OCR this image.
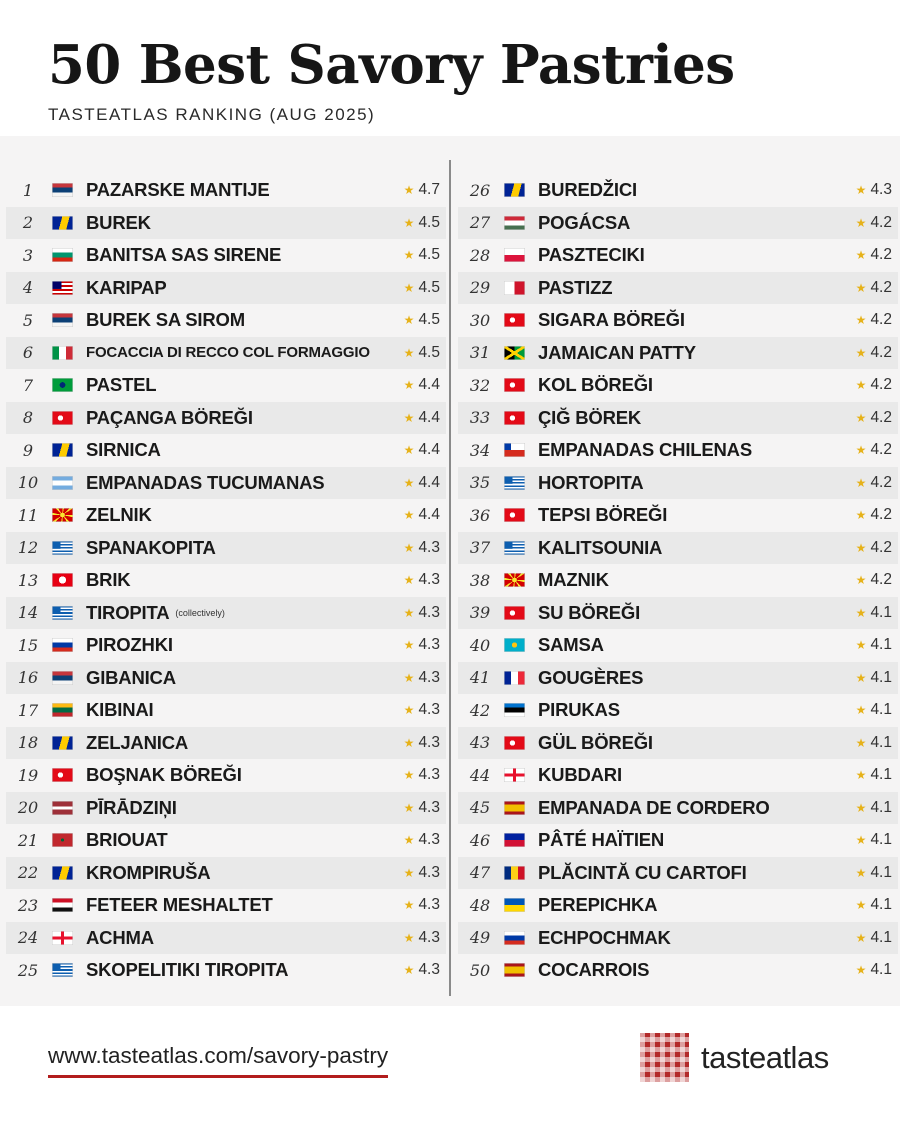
50 Best Savory Pastries
TASTEATLAS RANKING (AUG 2025)
1	PAZARSKE MANTIJE	★ 4.7
2	BUREK	★ 4.5
3	BANITSA SAS SIRENE	★ 4.5
4	KARIPAP	★ 4.5
5	BUREK SA SIROM	★ 4.5
6	FOCACCIA DI RECCO COL FORMAGGIO	★ 4.5
7	PASTEL	★ 4.4
8	PAÇANGA BÖREĞI	★ 4.4
9	SIRNICA	★ 4.4
10	EMPANADAS TUCUMANAS	★ 4.4
11	ZELNIK	★ 4.4
12	SPANAKOPITA	★ 4.3
13	BRIK	★ 4.3
14	TIROPITA (collectively)	★ 4.3
15	PIROZHKI	★ 4.3
16	GIBANICA	★ 4.3
17	KIBINAI	★ 4.3
18	ZELJANICA	★ 4.3
19	BOŞNAK BÖREĞI	★ 4.3
20	PĪRĀDZIŅI	★ 4.3
21	BRIOUAT	★ 4.3
22	KROMPIRUŠA	★ 4.3
23	FETEER MESHALTET	★ 4.3
24	ACHMA	★ 4.3
25	SKOPELITIKI TIROPITA	★ 4.3
26	BUREDŽICI	★ 4.3
27	POGÁCSA	★ 4.2
28	PASZTECIKI	★ 4.2
29	PASTIZZ	★ 4.2
30	SIGARA BÖREĞI	★ 4.2
31	JAMAICAN PATTY	★ 4.2
32	KOL BÖREĞI	★ 4.2
33	ÇIĞ BÖREK	★ 4.2
34	EMPANADAS CHILENAS	★ 4.2
35	HORTOPITA	★ 4.2
36	TEPSI BÖREĞI	★ 4.2
37	KALITSOUNIA	★ 4.2
38	MAZNIK	★ 4.2
39	SU BÖREĞI	★ 4.1
40	SAMSA	★ 4.1
41	GOUGÈRES	★ 4.1
42	PIRUKAS	★ 4.1
43	GÜL BÖREĞI	★ 4.1
44	KUBDARI	★ 4.1
45	EMPANADA DE CORDERO	★ 4.1
46	PÂTÉ HAÏTIEN	★ 4.1
47	PLĂCINTĂ CU CARTOFI	★ 4.1
48	PEREPICHKA	★ 4.1
49	ECHPOCHMAK	★ 4.1
50	COCARROIS	★ 4.1
www.tasteatlas.com/savory-pastry	tasteatlas
